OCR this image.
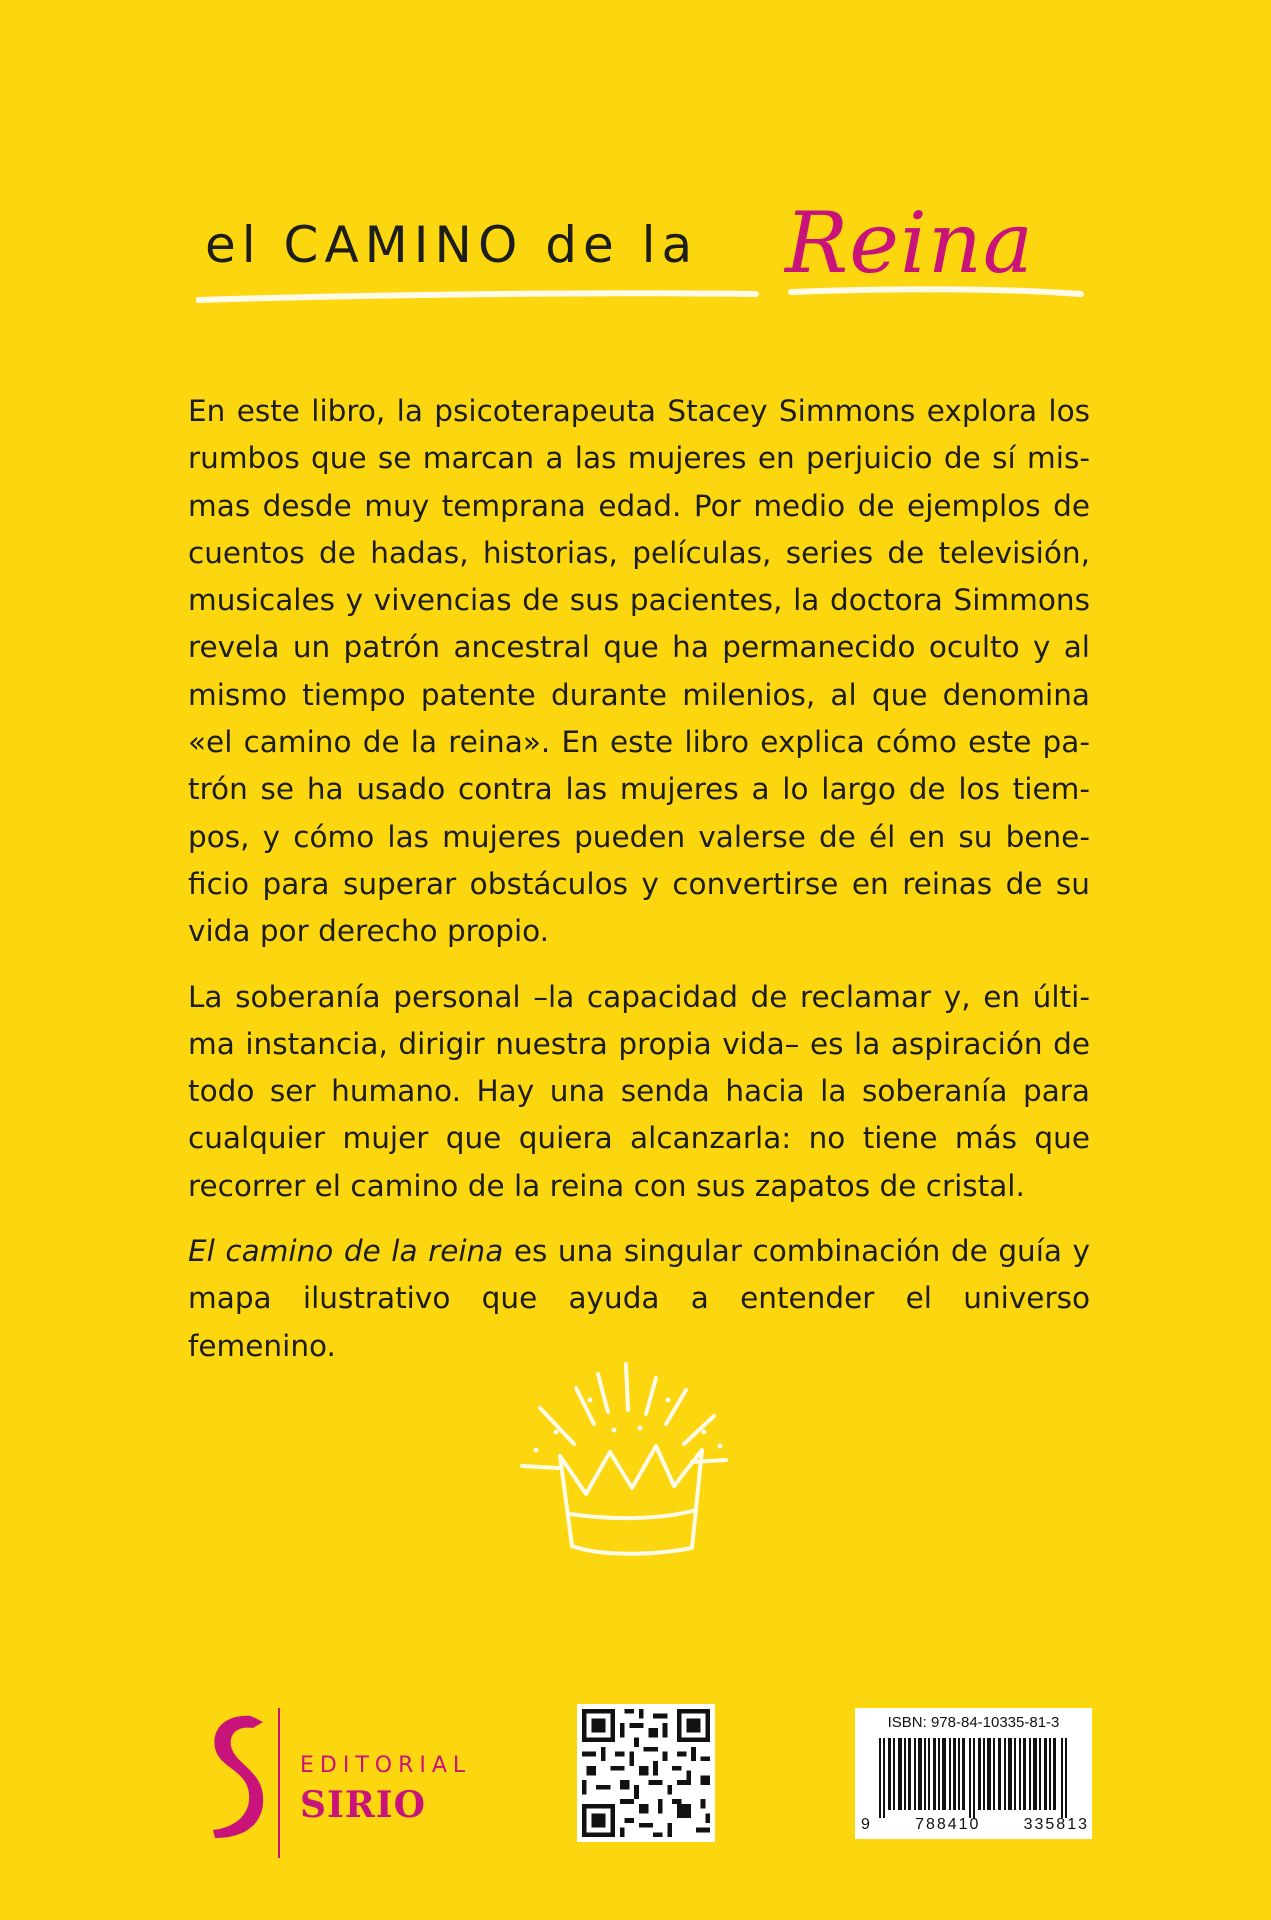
el CAMINO de la Reina

En este libro, la psicoterapeuta Stacey Simmons explora los rumbos que se marcan a las mujeres en perjuicio de sí mismas desde muy temprana edad. Por medio de ejemplos de cuentos de hadas, historias, películas, series de televisión, musicales y vivencias de sus pacientes, la doctora Simmons revela un patrón ancestral que ha permanecido oculto y al mismo tiempo patente durante milenios, al que denomina «el camino de la reina». En este libro explica cómo este patrón se ha usado contra las mujeres a lo largo de los tiempos, y cómo las mujeres pueden valerse de él en su beneficio para superar obstáculos y convertirse en reinas de su vida por derecho propio.

La soberanía personal –la capacidad de reclamar y, en última instancia, dirigir nuestra propia vida– es la aspiración de todo ser humano. Hay una senda hacia la soberanía para cualquier mujer que quiera alcanzarla: no tiene más que recorrer el camino de la reina con sus zapatos de cristal.

El camino de la reina es una singular combinación de guía y mapa ilustrativo que ayuda a entender el universo femenino.

EDITORIAL
SIRIO
ISBN: 978-84-10335-81-3
9	788410	335813
